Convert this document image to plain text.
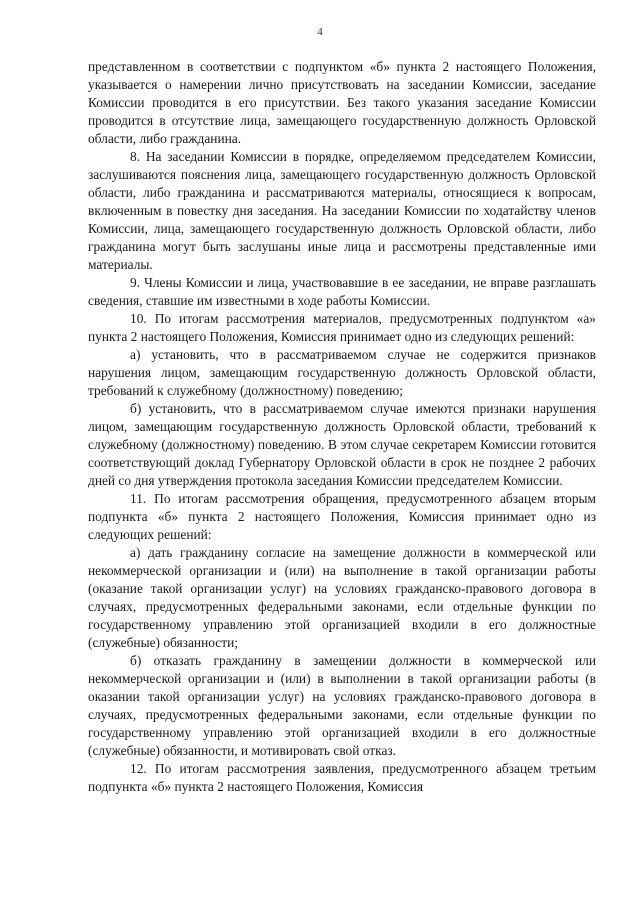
4

представленном в соответствии с подпунктом «б» пункта 2 настоящего Положения, указывается о намерении лично присутствовать на заседании Комиссии, заседание Комиссии проводится в его присутствии. Без такого указания заседание Комиссии проводится в отсутствие лица, замещающего государственную должность Орловской области, либо гражданина.

8. На заседании Комиссии в порядке, определяемом председателем Комиссии, заслушиваются пояснения лица, замещающего государственную должность Орловской области, либо гражданина и рассматриваются материалы, относящиеся к вопросам, включенным в повестку дня заседания. На заседании Комиссии по ходатайству членов Комиссии, лица, замещающего государственную должность Орловской области, либо гражданина могут быть заслушаны иные лица и рассмотрены представленные ими материалы.

9. Члены Комиссии и лица, участвовавшие в ее заседании, не вправе разглашать сведения, ставшие им известными в ходе работы Комиссии.

10. По итогам рассмотрения материалов, предусмотренных подпунктом «а» пункта 2 настоящего Положения, Комиссия принимает одно из следующих решений:

а) установить, что в рассматриваемом случае не содержится признаков нарушения лицом, замещающим государственную должность Орловской области, требований к служебному (должностному) поведению;

б) установить, что в рассматриваемом случае имеются признаки нарушения лицом, замещающим государственную должность Орловской области, требований к служебному (должностному) поведению. В этом случае секретарем Комиссии готовится соответствующий доклад Губернатору Орловской области в срок не позднее 2 рабочих дней со дня утверждения протокола заседания Комиссии председателем Комиссии.

11. По итогам рассмотрения обращения, предусмотренного абзацем вторым подпункта «б» пункта 2 настоящего Положения, Комиссия принимает одно из следующих решений:

а) дать гражданину согласие на замещение должности в коммерческой или некоммерческой организации и (или) на выполнение в такой организации работы (оказание такой организации услуг) на условиях гражданско-правового договора в случаях, предусмотренных федеральными законами, если отдельные функции по государственному управлению этой организацией входили в его должностные (служебные) обязанности;

б) отказать гражданину в замещении должности в коммерческой или некоммерческой организации и (или) в выполнении в такой организации работы (в оказании такой организации услуг) на условиях гражданско-правового договора в случаях, предусмотренных федеральными законами, если отдельные функции по государственному управлению этой организацией входили в его должностные (служебные) обязанности, и мотивировать свой отказ.

12. По итогам рассмотрения заявления, предусмотренного абзацем третьим подпункта «б» пункта 2 настоящего Положения, Комиссия
